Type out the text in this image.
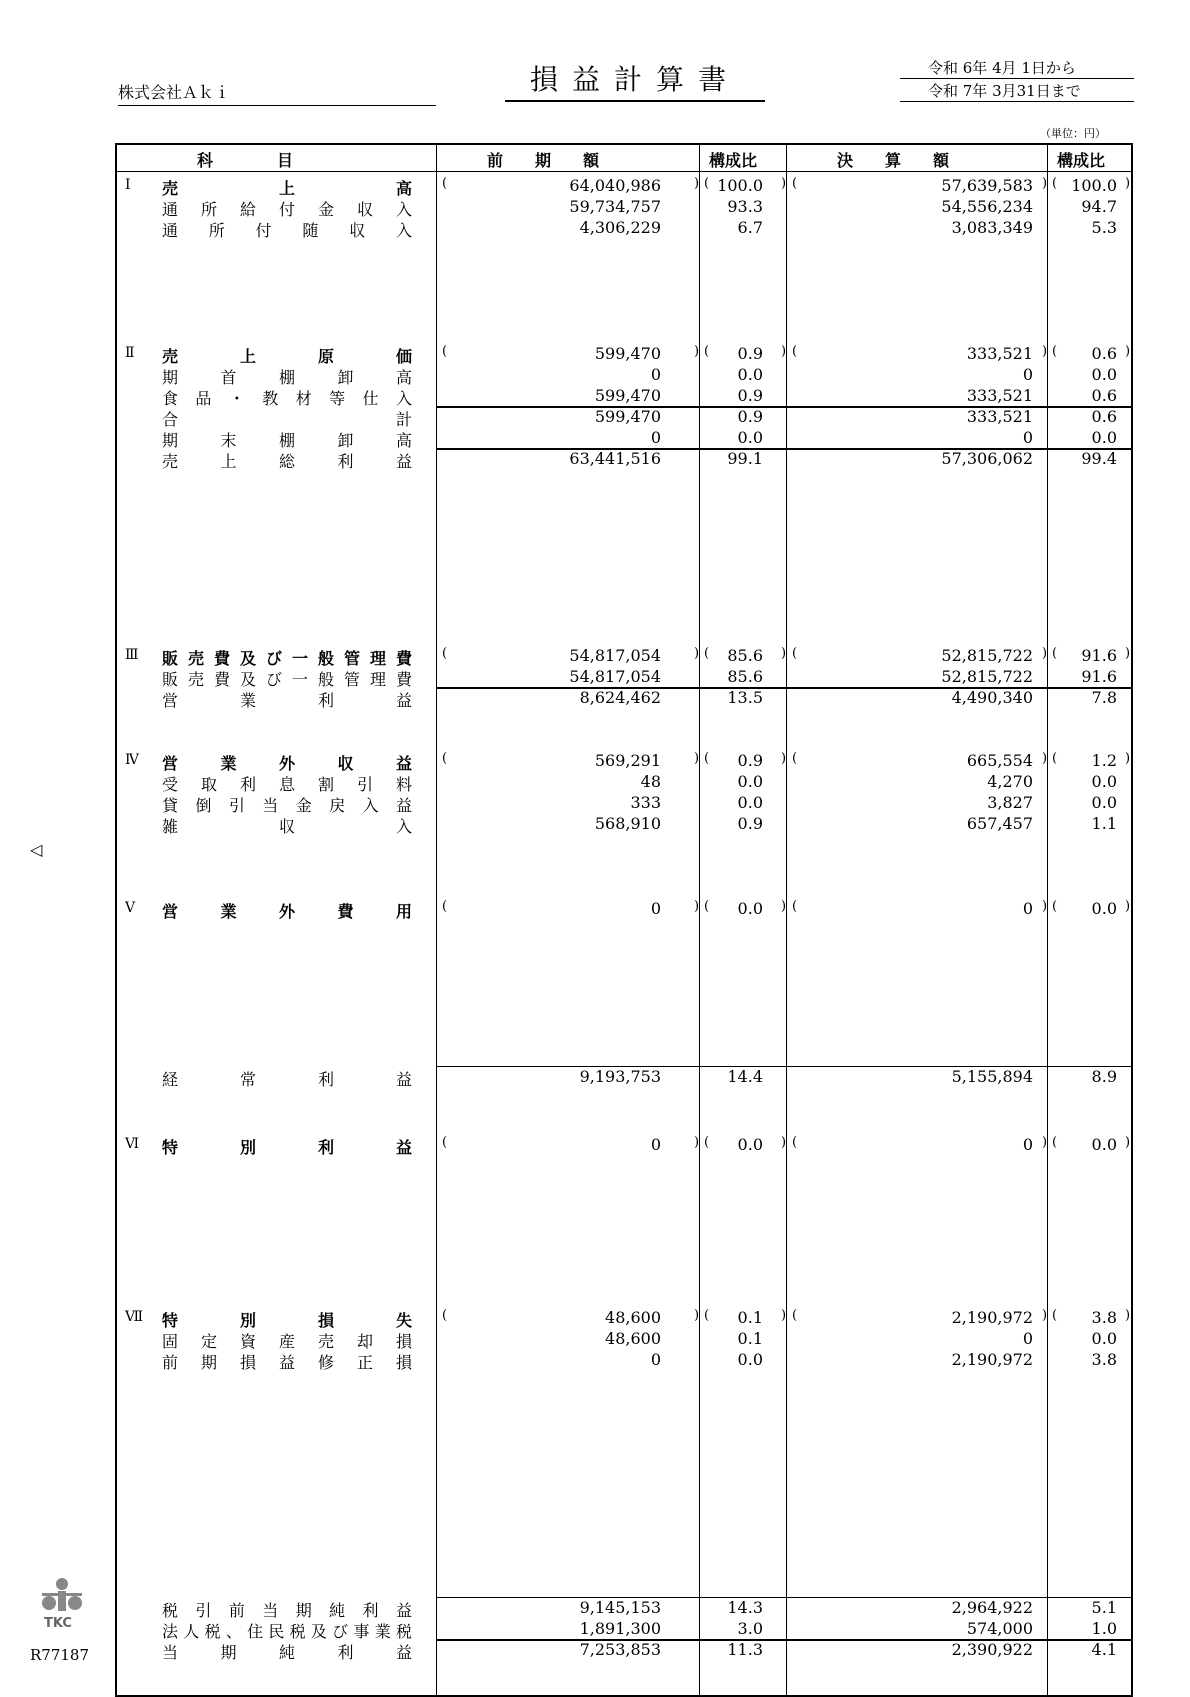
株式会社Ａｋｉ	損益計算書	令和 6年 4月 1日から
令和 7年 3月31日まで
（単位：円）
科　　　　目	前　　期　　額	構成比	決　　算　　額	構成比
Ⅰ 売上高	64,040,986	100.0	57,639,583	100.0
(	) (	) (	) (	)
通所給付金収入	59,734,757	93.3	54,556,234	94.7
通所付随収入	4,306,229	6.7	3,083,349	5.3
Ⅱ 売上原価	599,470	0.9	333,521	0.6
(	) (	) (	) (	)
期首棚卸高	0	0.0	0	0.0
食品・教材等仕入	599,470	0.9	333,521	0.6
合計	599,470	0.9	333,521	0.6
期末棚卸高	0	0.0	0	0.0
売上総利益	63,441,516	99.1	57,306,062	99.4
Ⅲ 販売費及び一般管理費	54,817,054	85.6	52,815,722	91.6
(	) (	) (	) (	)
販売費及び一般管理費	54,817,054	85.6	52,815,722	91.6
営業利益	8,624,462	13.5	4,490,340	7.8
Ⅳ 営業外収益	569,291	0.9	665,554	1.2
(	) (	) (	) (	)
受取利息割引料	48	0.0	4,270	0.0
貸倒引当金戻入益	333	0.0	3,827	0.0
雑収入	568,910	0.9	657,457	1.1
Ⅴ 営業外費用	0	0.0	0	0.0
(	) (	) (	) (	)
経常利益	9,193,753	14.4	5,155,894	8.9
Ⅵ 特別利益	0	0.0	0	0.0
(	) (	) (	) (	)
Ⅶ 特別損失	48,600	0.1	2,190,972	3.8
(	) (	) (	) (	)
固定資産売却損	48,600	0.1	0	0.0
前期損益修正損	0	0.0	2,190,972	3.8
税引前当期純利益	9,145,153	14.3	2,964,922	5.1
法人税、住民税及び事業税	1,891,300	3.0	574,000	1.0
当期純利益	7,253,853	11.3	2,390,922	4.1
◁
TKC
R77187
